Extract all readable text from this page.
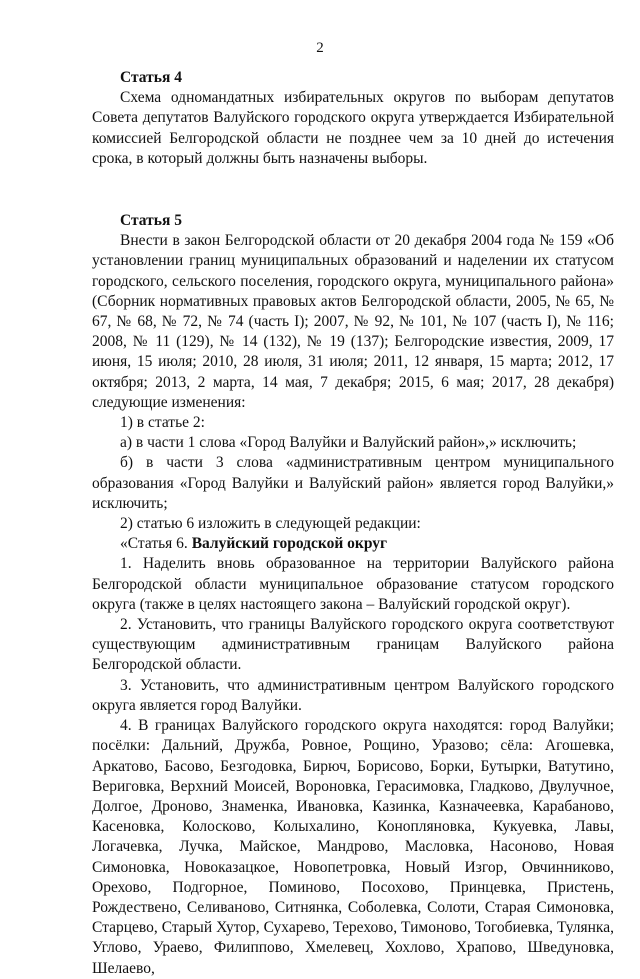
2
Статья 4

Схема одномандатных избирательных округов по выборам депутатов Совета депутатов Валуйского городского округа утверждается Избирательной комиссией Белгородской области не позднее чем за 10 дней до истечения срока, в который должны быть назначены выборы.

Статья 5

Внести в закон Белгородской области от 20 декабря 2004 года № 159 «Об установлении границ муниципальных образований и наделении их статусом городского, сельского поселения, городского округа, муниципального района» (Сборник нормативных правовых актов Белгородской области, 2005, № 65, № 67, № 68, № 72, № 74 (часть I); 2007, № 92, № 101, № 107 (часть I), № 116; 2008, № 11 (129), № 14 (132), № 19 (137); Белгородские известия, 2009, 17 июня, 15 июля; 2010, 28 июля, 31 июля; 2011, 12 января, 15 марта; 2012, 17 октября; 2013, 2 марта, 14 мая, 7 декабря; 2015, 6 мая; 2017, 28 декабря) следующие изменения:

1) в статье 2:

а) в части 1 слова «Город Валуйки и Валуйский район»,» исключить;

б) в части 3 слова «административным центром муниципального образования «Город Валуйки и Валуйский район» является город Валуйки,» исключить;

2) статью 6 изложить в следующей редакции:

«Статья 6. Валуйский городской округ

1. Наделить вновь образованное на территории Валуйского района Белгородской области муниципальное образование статусом городского округа (также в целях настоящего закона – Валуйский городской округ).

2. Установить, что границы Валуйского городского округа соответствуют существующим административным границам Валуйского района Белгородской области.

3. Установить, что административным центром Валуйского городского округа является город Валуйки.

4. В границах Валуйского городского округа находятся: город Валуйки; посёлки: Дальний, Дружба, Ровное, Рощино, Уразово; сёла: Агошевка, Аркатово, Басово, Безгодовка, Бирюч, Борисово, Борки, Бутырки, Ватутино, Вериговка, Верхний Моисей, Вороновка, Герасимовка, Гладково, Двулучное, Долгое, Дроново, Знаменка, Ивановка, Казинка, Казначеевка, Карабаново, Касеновка, Колосково, Колыхалино, Конопляновка, Кукуевка, Лавы, Логачевка, Лучка, Майское, Мандрово, Масловка, Насоново, Новая Симоновка, Новоказацкое, Новопетровка, Новый Изгор, Овчинниково, Орехово, Подгорное, Поминово, Посохово, Принцевка, Пристень, Рождествено, Селиваново, Ситнянка, Соболевка, Солоти, Старая Симоновка, Старцево, Старый Хутор, Сухарево, Терехово, Тимоново, Тогобиевка, Тулянка, Углово, Ураево, Филиппово, Хмелевец, Хохлово, Храпово, Шведуновка, Шелаево,
